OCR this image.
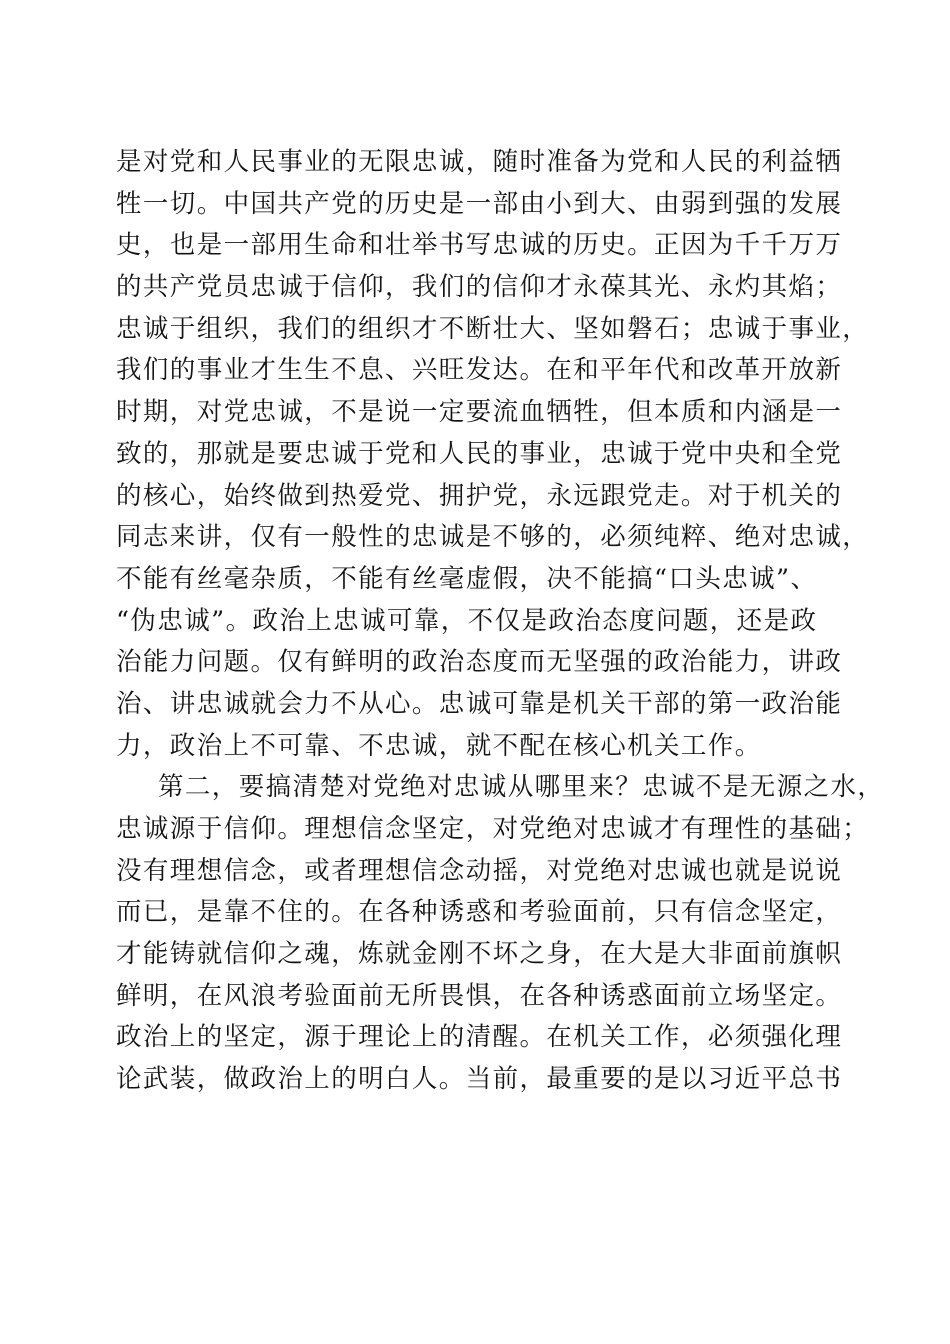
是对党和人民事业的无限忠诚，随时准备为党和人民的利益牺
牲一切。中国共产党的历史是一部由小到大、由弱到强的发展
史，也是一部用生命和壮举书写忠诚的历史。正因为千千万万
的共产党员忠诚于信仰，我们的信仰才永葆其光、永灼其焰；
忠诚于组织，我们的组织才不断壮大、坚如磐石；忠诚于事业，
我们的事业才生生不息、兴旺发达。在和平年代和改革开放新
时期，对党忠诚，不是说一定要流血牺牲，但本质和内涵是一
致的，那就是要忠诚于党和人民的事业，忠诚于党中央和全党
的核心，始终做到热爱党、拥护党，永远跟党走。对于机关的
同志来讲，仅有一般性的忠诚是不够的，必须纯粹、绝对忠诚，
不能有丝毫杂质，不能有丝毫虚假，决不能搞“口头忠诚”、
“伪忠诚”。政治上忠诚可靠，不仅是政治态度问题，还是政
治能力问题。仅有鲜明的政治态度而无坚强的政治能力，讲政
治、讲忠诚就会力不从心。忠诚可靠是机关干部的第一政治能
力，政治上不可靠、不忠诚，就不配在核心机关工作。
第二，要搞清楚对党绝对忠诚从哪里来？忠诚不是无源之水，
忠诚源于信仰。理想信念坚定，对党绝对忠诚才有理性的基础；
没有理想信念，或者理想信念动摇，对党绝对忠诚也就是说说
而已，是靠不住的。在各种诱惑和考验面前，只有信念坚定，
才能铸就信仰之魂，炼就金刚不坏之身，在大是大非面前旗帜
鲜明，在风浪考验面前无所畏惧，在各种诱惑面前立场坚定。
政治上的坚定，源于理论上的清醒。在机关工作，必须强化理
论武装，做政治上的明白人。当前，最重要的是以习近平总书
